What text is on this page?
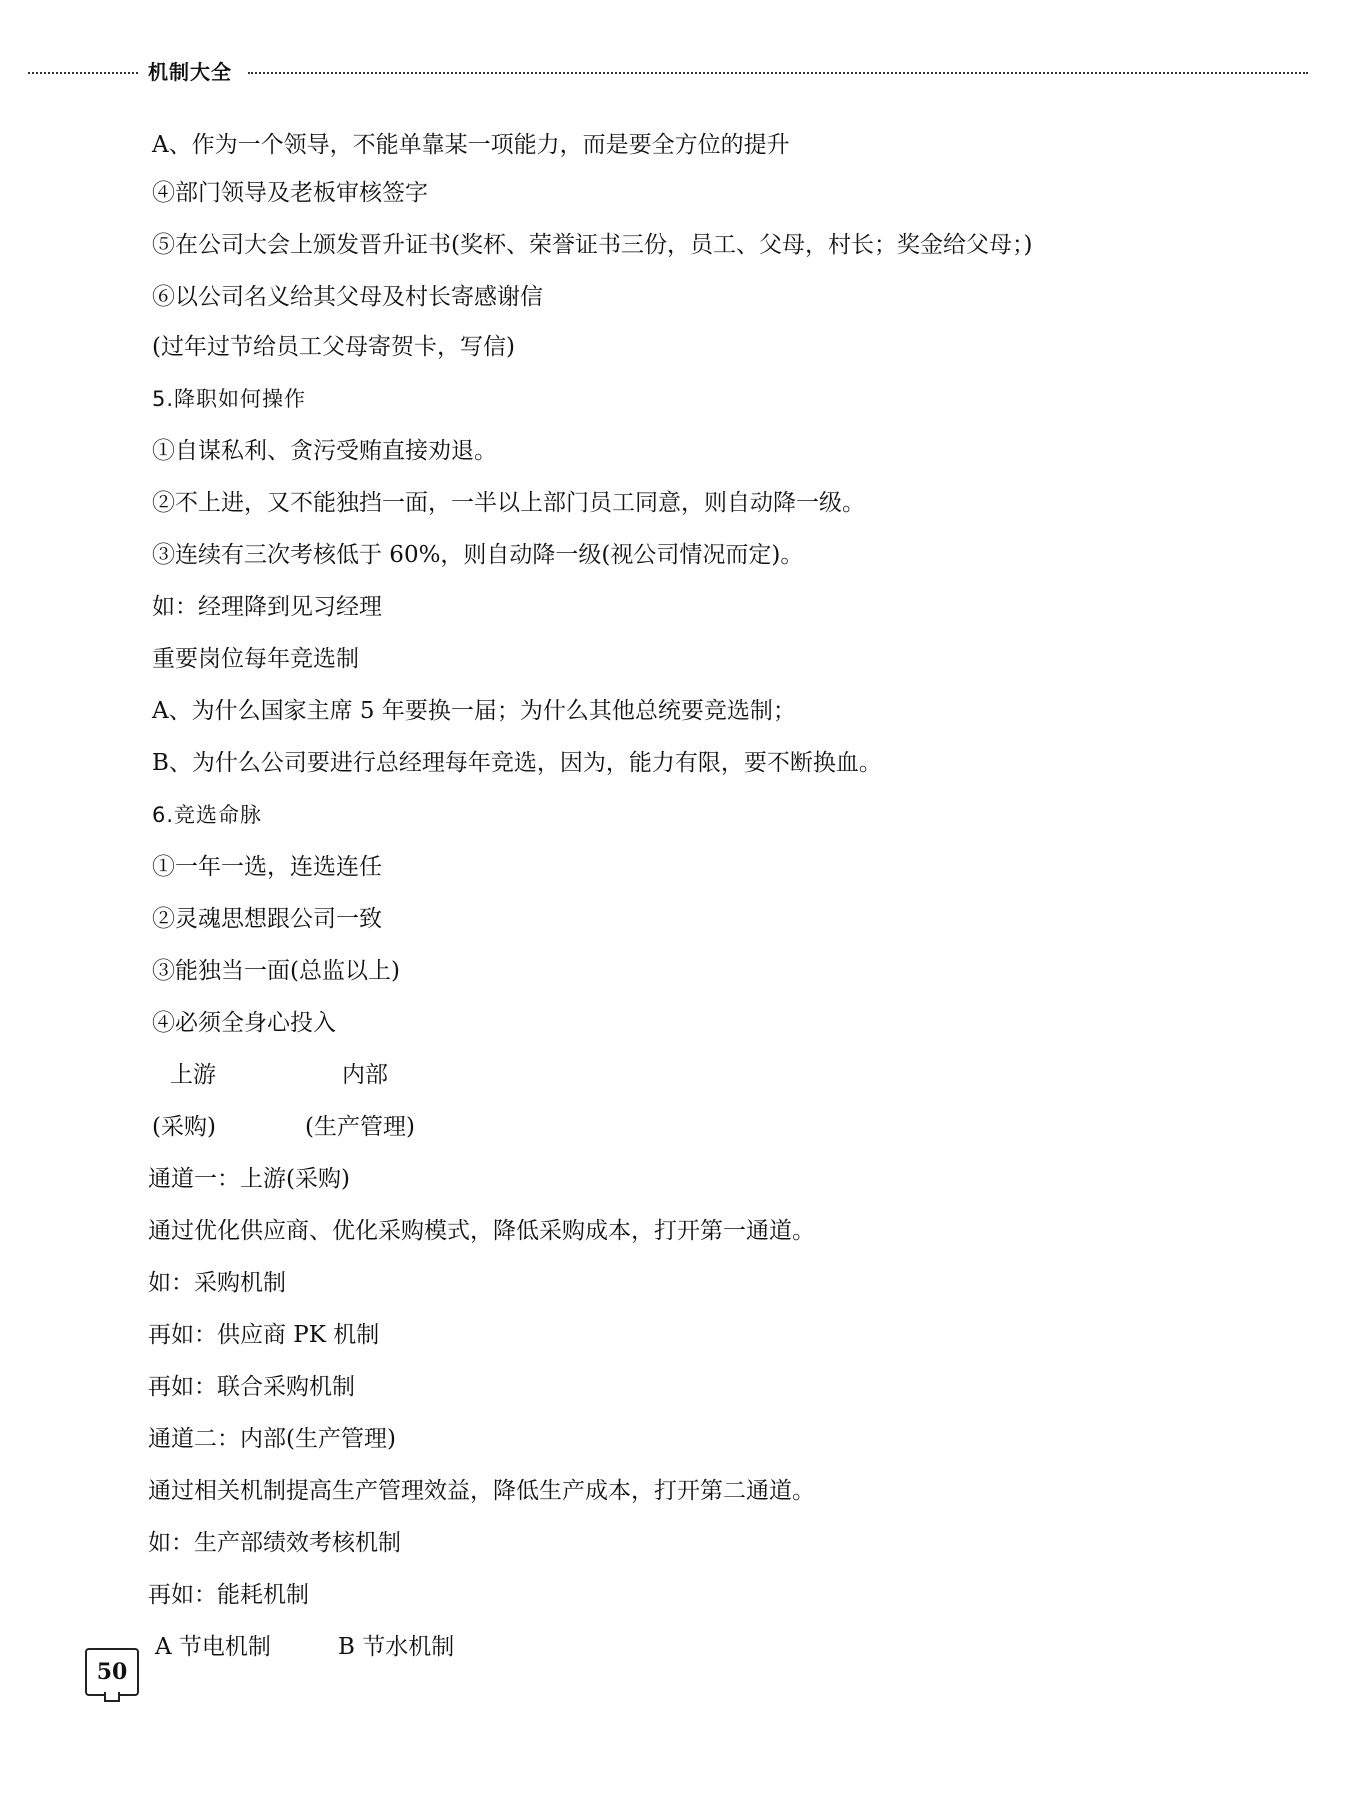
机制大全
A、作为一个领导，不能单靠某一项能力，而是要全方位的提升
④部门领导及老板审核签字
⑤在公司大会上颁发晋升证书(奖杯、荣誉证书三份，员工、父母，村长；奖金给父母；)
⑥以公司名义给其父母及村长寄感谢信
(过年过节给员工父母寄贺卡，写信)
5.降职如何操作
①自谋私利、贪污受贿直接劝退。
②不上进，又不能独挡一面，一半以上部门员工同意，则自动降一级。
③连续有三次考核低于 60%，则自动降一级(视公司情况而定)。
如：经理降到见习经理
重要岗位每年竞选制
A、为什么国家主席 5 年要换一届；为什么其他总统要竞选制；
B、为什么公司要进行总经理每年竞选，因为，能力有限，要不断换血。
6.竞选命脉
①一年一选，连选连任
②灵魂思想跟公司一致
③能独当一面(总监以上)
④必须全身心投入
上游	内部
(采购)	(生产管理)
通道一：上游(采购)
通过优化供应商、优化采购模式，降低采购成本，打开第一通道。
如：采购机制
再如：供应商 PK 机制
再如：联合采购机制
通道二：内部(生产管理)
通过相关机制提高生产管理效益，降低生产成本，打开第二通道。
如：生产部绩效考核机制
再如：能耗机制
A 节电机制	B 节水机制
50
